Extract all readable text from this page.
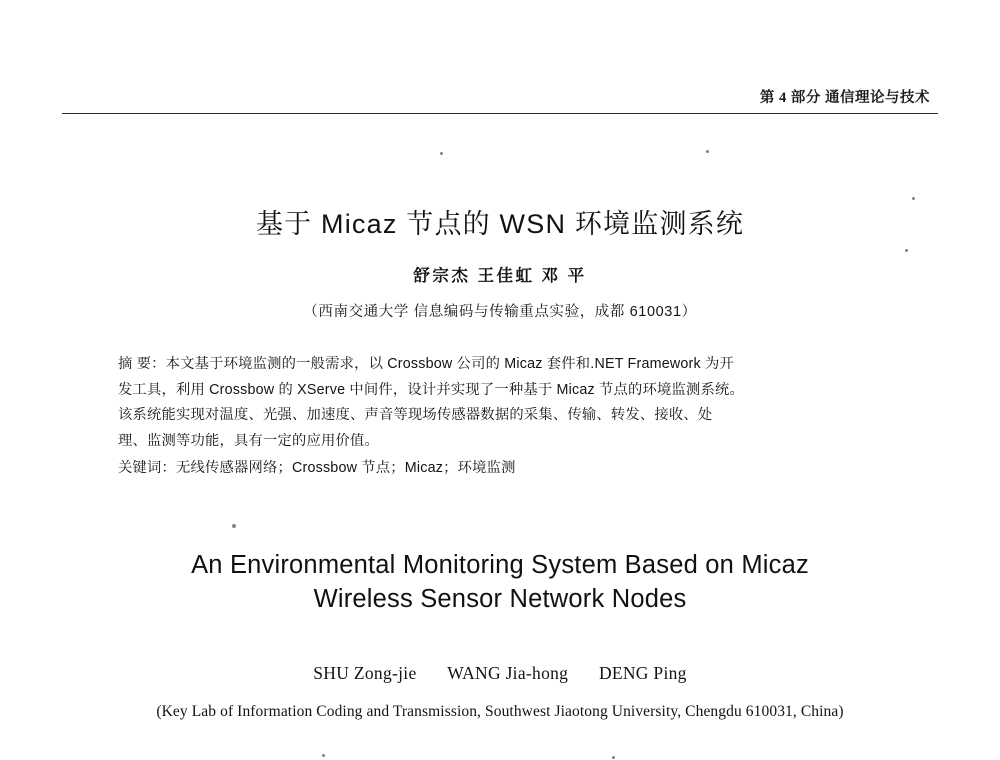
第 4 部分 通信理论与技术
基于 Micaz 节点的 WSN 环境监测系统
舒宗杰 王佳虹 邓 平
（西南交通大学 信息编码与传输重点实验，成都 610031）
摘 要：本文基于环境监测的一般需求，以 Crossbow 公司的 Micaz 套件和.NET Framework 为开
发工具，利用 Crossbow 的 XServe 中间件，设计并实现了一种基于 Micaz 节点的环境监测系统。
该系统能实现对温度、光强、加速度、声音等现场传感器数据的采集、传输、转发、接收、处
理、监测等功能，具有一定的应用价值。
关键词：无线传感器网络；Crossbow 节点；Micaz；环境监测
An Environmental Monitoring System Based on Micaz
Wireless Sensor Network Nodes
SHU Zong-jie WANG Jia-hong DENG Ping
(Key Lab of Information Coding and Transmission, Southwest Jiaotong University, Chengdu 610031, China)
